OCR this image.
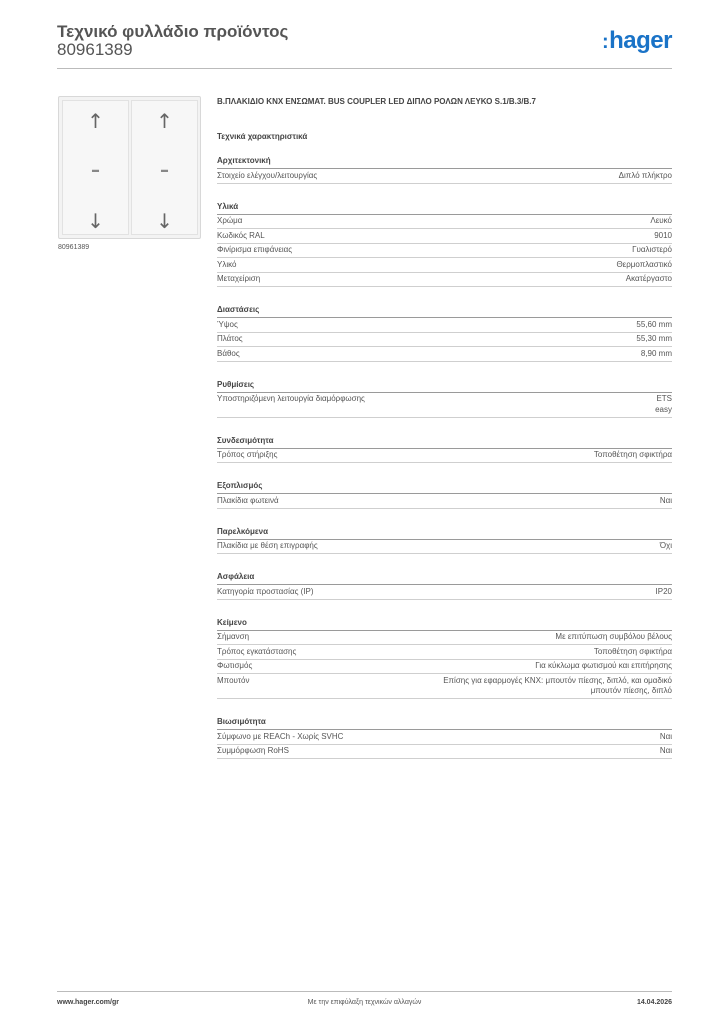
Τεχνικό φυλλάδιο προϊόντος
80961389	:hager
↑
–
↓
↑
–
↓
80961389
Β.ΠΛΑΚΙΔΙΟ KNX ΕΝΣΩΜΑΤ. BUS COUPLER LED ΔΙΠΛΟ ΡΟΛΩΝ ΛΕΥΚΟ S.1/B.3/B.7
Τεχνικά χαρακτηριστικά
Αρχιτεκτονική
Στοιχείο ελέγχου/λειτουργίας	Διπλό πλήκτρο
Υλικά
Χρώμα	Λευκό
Κωδικός RAL	9010
Φινίρισμα επιφάνειας	Γυαλιστερό
Υλικό	Θερμοπλαστικό
Μεταχείριση	Ακατέργαστο
Διαστάσεις
Ύψος	55,60 mm
Πλάτος	55,30 mm
Βάθος	8,90 mm
Ρυθμίσεις
Υποστηριζόμενη λειτουργία διαμόρφωσης	ETS
easy
Συνδεσιμότητα
Τρόπος στήριξης	Τοποθέτηση σφικτήρα
Εξοπλισμός
Πλακίδια φωτεινά	Ναι
Παρελκόμενα
Πλακίδια με θέση επιγραφής	Όχι
Ασφάλεια
Κατηγορία προστασίας (IP)	IP20
Κείμενο
Σήμανση	Με επιτύπωση συμβόλου βέλους
Τρόπος εγκατάστασης	Τοποθέτηση σφικτήρα
Φωτισμός	Για κύκλωμα φωτισμού και επιτήρησης
Μπουτόν	Επίσης για εφαρμογές KNX: μπουτόν πίεσης, διπλό, και ομαδικό
μπουτόν πίεσης, διπλό
Βιωσιμότητα
Σύμφωνο με REACh - Χωρίς SVHC	Ναι
Συμμόρφωση RoHS	Ναι
www.hager.com/gr	Με την επιφύλαξη τεχνικών αλλαγών	14.04.2026
